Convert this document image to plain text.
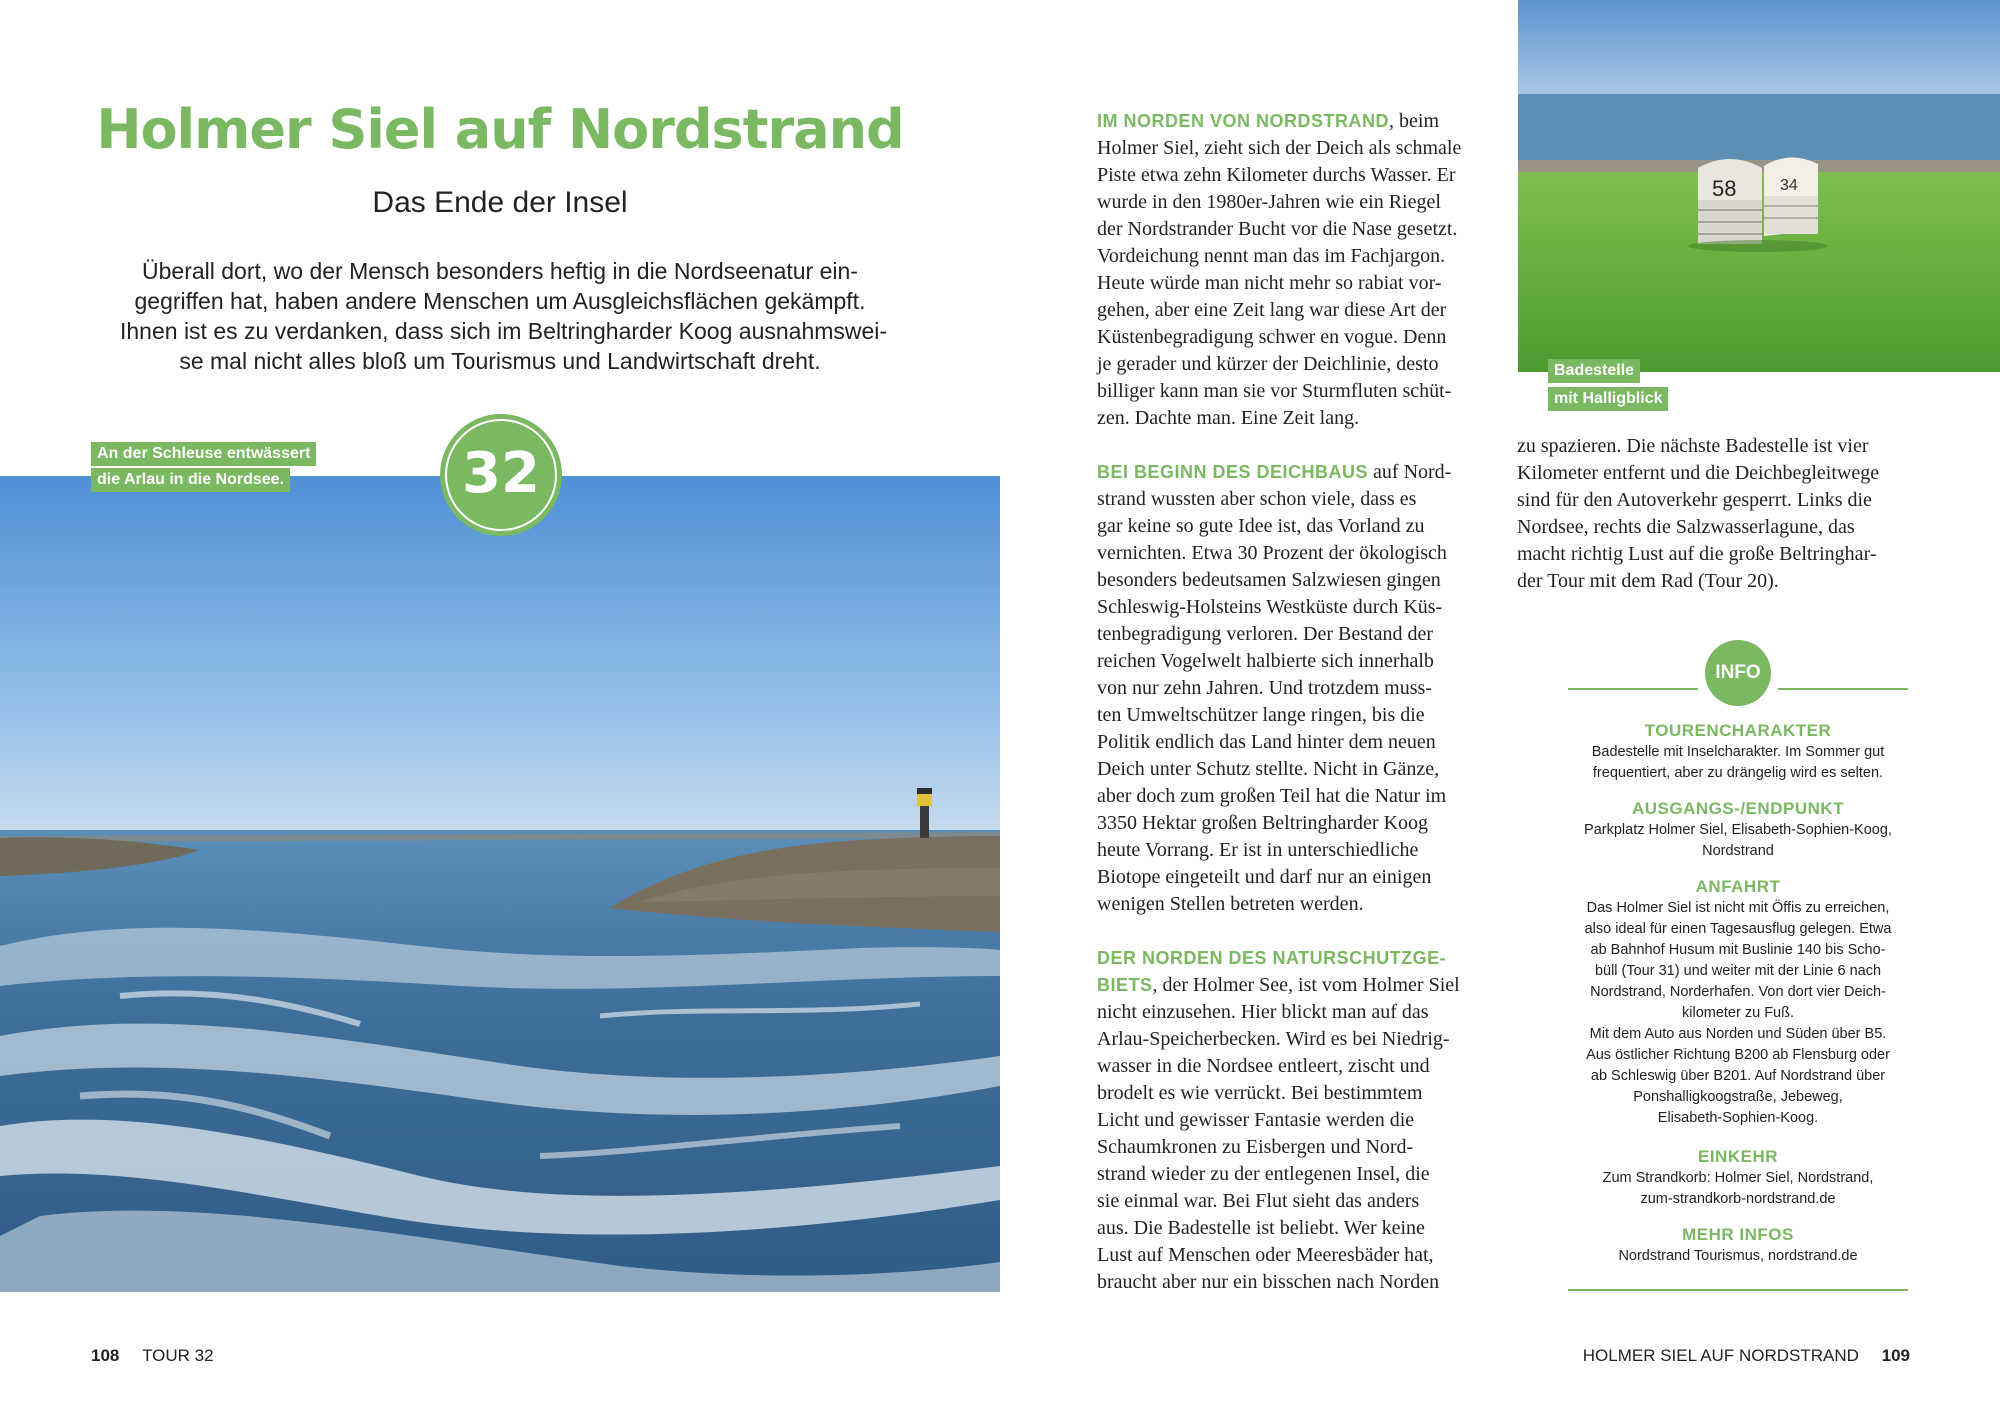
Holmer Siel auf Nordstrand
Das Ende der Insel
Überall dort, wo der Mensch besonders heftig in die Nordseenatur ein-
gegriffen hat, haben andere Menschen um Ausgleichsflächen gekämpft.
Ihnen ist es zu verdanken, dass sich im Beltringharder Koog ausnahmswei-
se mal nicht alles bloß um Tourismus und Landwirtschaft dreht.
An der Schleuse entwässert
die Arlau in die Nordsee.	32
IM NORDEN VON NORDSTRAND, beim
Holmer Siel, zieht sich der Deich als schmale
Piste etwa zehn Kilometer durchs Wasser. Er
wurde in den 1980er-Jahren wie ein Riegel
der Nordstrander Bucht vor die Nase gesetzt.
Vordeichung nennt man das im Fachjargon.
Heute würde man nicht mehr so rabiat vor-
gehen, aber eine Zeit lang war diese Art der
Küstenbegradigung schwer en vogue. Denn
je gerader und kürzer der Deichlinie, desto
billiger kann man sie vor Sturmfluten schüt-
zen. Dachte man. Eine Zeit lang.
BEI BEGINN DES DEICHBAUS auf Nord-
strand wussten aber schon viele, dass es
gar keine so gute Idee ist, das Vorland zu
vernichten. Etwa 30 Prozent der ökologisch
besonders bedeutsamen Salzwiesen gingen
Schleswig-Holsteins Westküste durch Küs-
tenbegradigung verloren. Der Bestand der
reichen Vogelwelt halbierte sich innerhalb
von nur zehn Jahren. Und trotzdem muss-
ten Umweltschützer lange ringen, bis die
Politik endlich das Land hinter dem neuen
Deich unter Schutz stellte. Nicht in Gänze,
aber doch zum großen Teil hat die Natur im
3350 Hektar großen Beltringharder Koog
heute Vorrang. Er ist in unterschiedliche
Biotope eingeteilt und darf nur an einigen
wenigen Stellen betreten werden.
DER NORDEN DES NATURSCHUTZGE-
BIETS, der Holmer See, ist vom Holmer Siel
nicht einzusehen. Hier blickt man auf das
Arlau-Speicherbecken. Wird es bei Niedrig-
wasser in die Nordsee entleert, zischt und
brodelt es wie verrückt. Bei bestimmtem
Licht und gewisser Fantasie werden die
Schaumkronen zu Eisbergen und Nord-
strand wieder zu der entlegenen Insel, die
sie einmal war. Bei Flut sieht das anders
aus. Die Badestelle ist beliebt. Wer keine
Lust auf Menschen oder Meeresbäder hat,
braucht aber nur ein bisschen nach Norden
58	34
Badestelle
mit Halligblick
zu spazieren. Die nächste Badestelle ist vier
Kilometer entfernt und die Deichbegleitwege
sind für den Autoverkehr gesperrt. Links die
Nordsee, rechts die Salzwasserlagune, das
macht richtig Lust auf die große Beltringhar-
der Tour mit dem Rad (Tour 20).
INFO
TOURENCHARAKTER
Badestelle mit Inselcharakter. Im Sommer gut
frequentiert, aber zu drängelig wird es selten.
AUSGANGS-/ENDPUNKT
Parkplatz Holmer Siel, Elisabeth-Sophien-Koog,
Nordstrand
ANFAHRT
Das Holmer Siel ist nicht mit Öffis zu erreichen,
also ideal für einen Tagesausflug gelegen. Etwa
ab Bahnhof Husum mit Buslinie 140 bis Scho-
büll (Tour 31) und weiter mit der Linie 6 nach
Nordstrand, Norderhafen. Von dort vier Deich-
kilometer zu Fuß.
Mit dem Auto aus Norden und Süden über B5.
Aus östlicher Richtung B200 ab Flensburg oder
ab Schleswig über B201. Auf Nordstrand über
Ponshalligkoogstraße, Jebeweg,
Elisabeth-Sophien-Koog.
EINKEHR
Zum Strandkorb: Holmer Siel, Nordstrand,
zum-strandkorb-nordstrand.de
MEHR INFOS
Nordstrand Tourismus, nordstrand.de
108 TOUR 32	HOLMER SIEL AUF NORDSTRAND 109
